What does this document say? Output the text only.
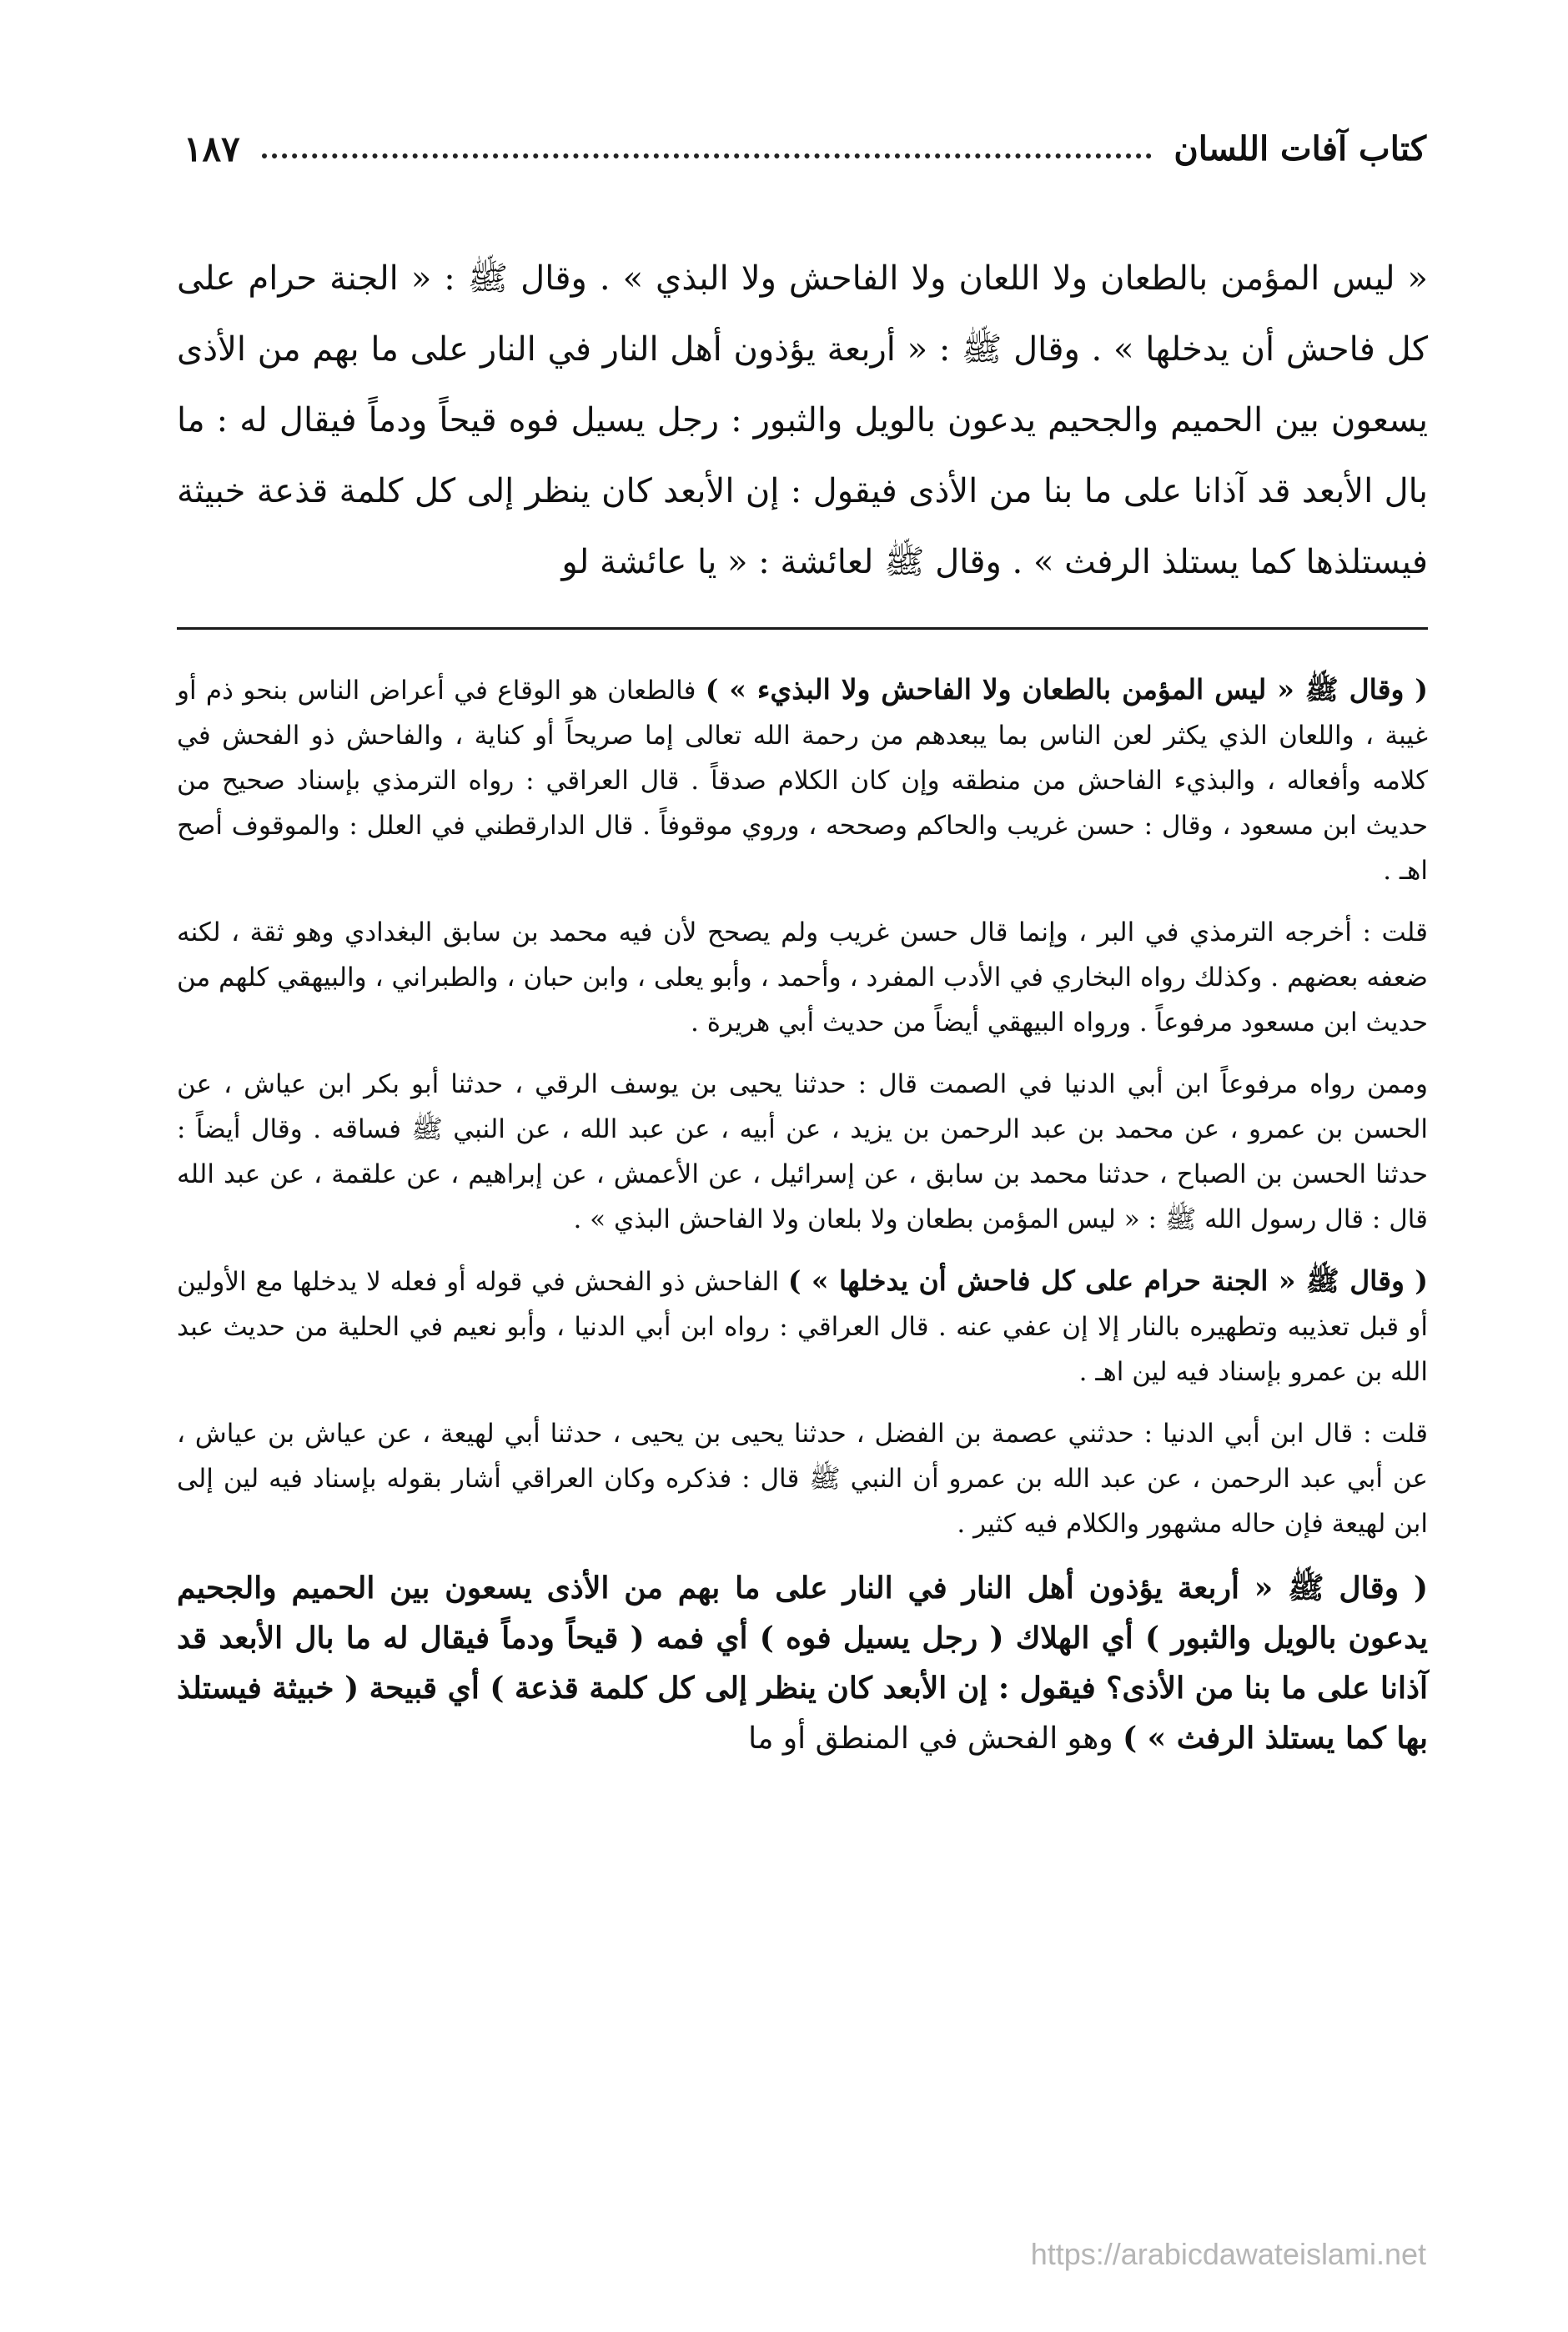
كتاب آفات اللسان
١٨٧

« ليس المؤمن بالطعان ولا اللعان ولا الفاحش ولا البذي » . وقال ﷺ : « الجنة حرام على كل فاحش أن يدخلها » . وقال ﷺ : « أربعة يؤذون أهل النار في النار على ما بهم من الأذى يسعون بين الحميم والجحيم يدعون بالويل والثبور : رجل يسيل فوه قيحاً ودماً فيقال له : ما بال الأبعد قد آذانا على ما بنا من الأذى فيقول : إن الأبعد كان ينظر إلى كل كلمة قذعة خبيثة فيستلذها كما يستلذ الرفث » . وقال ﷺ لعائشة : « يا عائشة لو

( وقال ﷺ « ليس المؤمن بالطعان ولا الفاحش ولا البذيء » ) فالطعان هو الوقاع في أعراض الناس بنحو ذم أو غيبة ، واللعان الذي يكثر لعن الناس بما يبعدهم من رحمة الله تعالى إما صريحاً أو كناية ، والفاحش ذو الفحش في كلامه وأفعاله ، والبذيء الفاحش من منطقه وإن كان الكلام صدقاً . قال العراقي : رواه الترمذي بإسناد صحيح من حديث ابن مسعود ، وقال : حسن غريب والحاكم وصححه ، وروي موقوفاً . قال الدارقطني في العلل : والموقوف أصح اهـ .

قلت : أخرجه الترمذي في البر ، وإنما قال حسن غريب ولم يصحح لأن فيه محمد بن سابق البغدادي وهو ثقة ، لكنه ضعفه بعضهم . وكذلك رواه البخاري في الأدب المفرد ، وأحمد ، وأبو يعلى ، وابن حبان ، والطبراني ، والبيهقي كلهم من حديث ابن مسعود مرفوعاً . ورواه البيهقي أيضاً من حديث أبي هريرة .

وممن رواه مرفوعاً ابن أبي الدنيا في الصمت قال : حدثنا يحيى بن يوسف الرقي ، حدثنا أبو بكر ابن عياش ، عن الحسن بن عمرو ، عن محمد بن عبد الرحمن بن يزيد ، عن أبيه ، عن عبد الله ، عن النبي ﷺ فساقه . وقال أيضاً : حدثنا الحسن بن الصباح ، حدثنا محمد بن سابق ، عن إسرائيل ، عن الأعمش ، عن إبراهيم ، عن علقمة ، عن عبد الله قال : قال رسول الله ﷺ : « ليس المؤمن بطعان ولا بلعان ولا الفاحش البذي » .

( وقال ﷺ « الجنة حرام على كل فاحش أن يدخلها » ) الفاحش ذو الفحش في قوله أو فعله لا يدخلها مع الأولين أو قبل تعذيبه وتطهيره بالنار إلا إن عفي عنه . قال العراقي : رواه ابن أبي الدنيا ، وأبو نعيم في الحلية من حديث عبد الله بن عمرو بإسناد فيه لين اهـ .

قلت : قال ابن أبي الدنيا : حدثني عصمة بن الفضل ، حدثنا يحيى بن يحيى ، حدثنا أبي لهيعة ، عن عياش بن عياش ، عن أبي عبد الرحمن ، عن عبد الله بن عمرو أن النبي ﷺ قال : فذكره وكان العراقي أشار بقوله بإسناد فيه لين إلى ابن لهيعة فإن حاله مشهور والكلام فيه كثير .

( وقال ﷺ « أربعة يؤذون أهل النار في النار على ما بهم من الأذى يسعون بين الحميم والجحيم يدعون بالويل والثبور ) أي الهلاك ( رجل يسيل فوه ) أي فمه ( قيحاً ودماً فيقال له ما بال الأبعد قد آذانا على ما بنا من الأذى؟ فيقول : إن الأبعد كان ينظر إلى كل كلمة قذعة ) أي قبيحة ( خبيثة فيستلذ بها كما يستلذ الرفث » ) وهو الفحش في المنطق أو ما

https://arabicdawateislami.net
